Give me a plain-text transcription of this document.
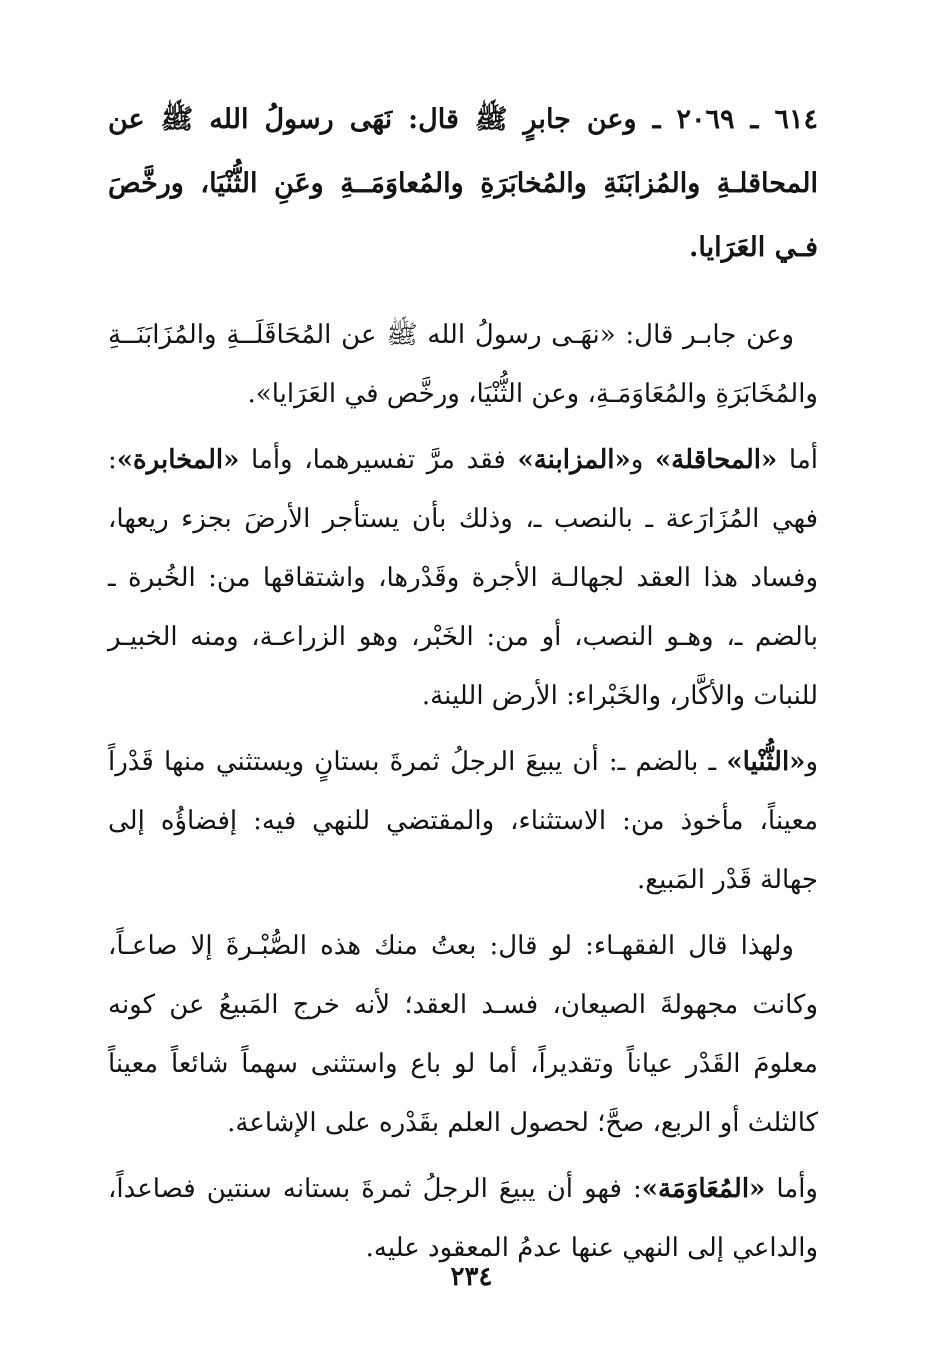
٦١٤ ـ ٢٠٦٩ ـ وعن جابرٍ ﷺ قال: نَهَى رسولُ الله ﷺ عن المحاقلـةِ والمُزابَنَةِ والمُخابَرَةِ والمُعاوَمَــةِ وعَنِ الثُّنْيَا، ورخَّصَ فـي العَرَايا.

وعن جابـر قال: «نهَـى رسولُ الله ﷺ عن المُحَاقَلَــةِ والمُزَابَنَــةِ والمُخَابَرَةِ والمُعَاوَمَـةِ، وعن الثُّنْيَا، ورخَّص في العَرَايا».

أما «المحاقلة» و«المزابنة» فقد مرَّ تفسيرهما، وأما «المخابرة»: فهي المُزَارَعة ـ بالنصب ـ، وذلك بأن يستأجر الأرضَ بجزء ريعها، وفساد هذا العقد لجهالـة الأجرة وقَدْرها، واشتقاقها من: الخُبرة ـ بالضم ـ، وهـو النصب، أو من: الخَبْر، وهو الزراعـة، ومنه الخبيـر للنبات والأكَّار، والخَبْراء: الأرض اللينة.

و«الثُّنْيا» ـ بالضم ـ: أن يبيعَ الرجلُ ثمرةَ بستانٍ ويستثني منها قَدْراً معيناً، مأخوذ من: الاستثناء، والمقتضي للنهي فيه: إفضاؤُه إلى جهالة قَدْر المَبيع.

ولهذا قال الفقهـاء: لو قال: بعتُ منك هذه الصُّبْـرةَ إلا صاعـاً، وكانت مجهولةَ الصيعان، فسـد العقد؛ لأنه خرج المَبيعُ عن كونه معلومَ القَدْر عياناً وتقديراً، أما لو باع واستثنى سهماً شائعاً معيناً كالثلث أو الربع، صحَّ؛ لحصول العلم بقَدْره على الإشاعة.

وأما «المُعَاوَمَة»: فهو أن يبيعَ الرجلُ ثمرةَ بستانه سنتين فصاعداً، والداعي إلى النهي عنها عدمُ المعقود عليه.

٢٣٤
